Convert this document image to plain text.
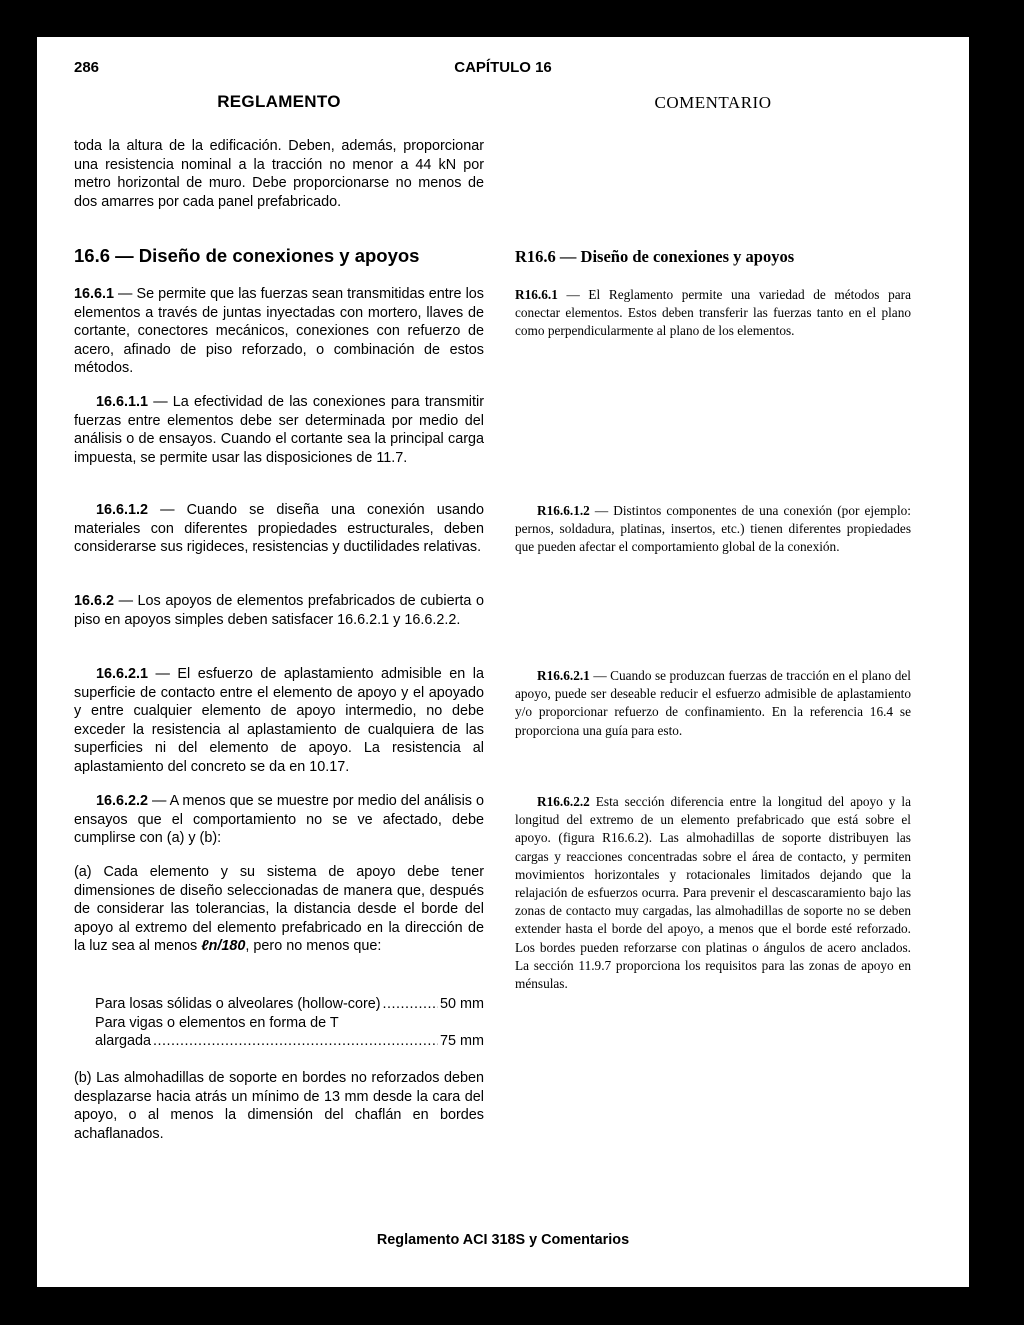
286	CAPÍTULO 16
REGLAMENTO	COMENTARIO

toda la altura de la edificación. Deben, además, proporcionar una resistencia nominal a la tracción no menor a 44 kN por metro horizontal de muro. Debe proporcionarse no menos de dos amarres por cada panel prefabricado.

16.6 — Diseño de conexiones y apoyos

16.6.1 — Se permite que las fuerzas sean transmitidas entre los elementos a través de juntas inyectadas con mortero, llaves de cortante, conectores mecánicos, conexiones con refuerzo de acero, afinado de piso reforzado, o combinación de estos métodos.

16.6.1.1 — La efectividad de las conexiones para transmitir fuerzas entre elementos debe ser determinada por medio del análisis o de ensayos. Cuando el cortante sea la principal carga impuesta, se permite usar las disposiciones de 11.7.

16.6.1.2 — Cuando se diseña una conexión usando materiales con diferentes propiedades estructurales, deben considerarse sus rigideces, resistencias y ductilidades relativas.

16.6.2 — Los apoyos de elementos prefabricados de cubierta o piso en apoyos simples deben satisfacer 16.6.2.1 y 16.6.2.2.

16.6.2.1 — El esfuerzo de aplastamiento admisible en la superficie de contacto entre el elemento de apoyo y el apoyado y entre cualquier elemento de apoyo intermedio, no debe exceder la resistencia al aplastamiento de cualquiera de las superficies ni del elemento de apoyo. La resistencia al aplastamiento del concreto se da en 10.17.

16.6.2.2 — A menos que se muestre por medio del análisis o ensayos que el comportamiento no se ve afectado, debe cumplirse con (a) y (b):

(a) Cada elemento y su sistema de apoyo debe tener dimensiones de diseño seleccionadas de manera que, después de considerar las tolerancias, la distancia desde el borde del apoyo al extremo del elemento prefabricado en la dirección de la luz sea al menos ℓn/180, pero no menos que:

Para losas sólidas o alveolares (hollow-core) .....	50 mm
Para vigas o elementos en forma de T
alargada .....	75 mm

(b) Las almohadillas de soporte en bordes no reforzados deben desplazarse hacia atrás un mínimo de 13 mm desde la cara del apoyo, o al menos la dimensión del chaflán en bordes achaflanados.

R16.6 — Diseño de conexiones y apoyos

R16.6.1 — El Reglamento permite una variedad de métodos para conectar elementos. Estos deben transferir las fuerzas tanto en el plano como perpendicularmente al plano de los elementos.

R16.6.1.2 — Distintos componentes de una conexión (por ejemplo: pernos, soldadura, platinas, insertos, etc.) tienen diferentes propiedades que pueden afectar el comportamiento global de la conexión.

R16.6.2.1 — Cuando se produzcan fuerzas de tracción en el plano del apoyo, puede ser deseable reducir el esfuerzo admisible de aplastamiento y/o proporcionar refuerzo de confinamiento. En la referencia 16.4 se proporciona una guía para esto.

R16.6.2.2 Esta sección diferencia entre la longitud del apoyo y la longitud del extremo de un elemento prefabricado que está sobre el apoyo. (figura R16.6.2). Las almohadillas de soporte distribuyen las cargas y reacciones concentradas sobre el área de contacto, y permiten movimientos horizontales y rotacionales limitados dejando que la relajación de esfuerzos ocurra. Para prevenir el descascaramiento bajo las zonas de contacto muy cargadas, las almohadillas de soporte no se deben extender hasta el borde del apoyo, a menos que el borde esté reforzado. Los bordes pueden reforzarse con platinas o ángulos de acero anclados. La sección 11.9.7 proporciona los requisitos para las zonas de apoyo en ménsulas.

Reglamento ACI 318S y Comentarios
